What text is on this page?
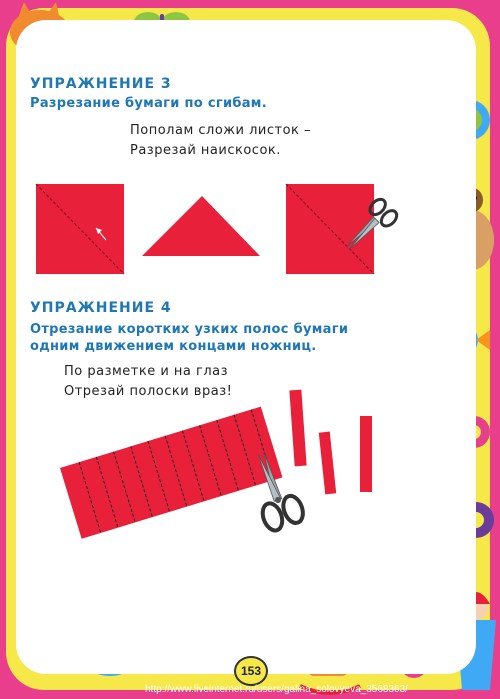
УПРАЖНЕНИЕ 3
Разрезание бумаги по сгибам.
Пополам сложи листок –
Разрезай наискосок.
УПРАЖНЕНИЕ 4
Отрезание коротких узких полос бумаги
одним движением концами ножниц.
По разметке и на глаз
Отрезай полоски враз!
153
http://www.liveinternet.ru/users/galina_solovyeva_3568363/
